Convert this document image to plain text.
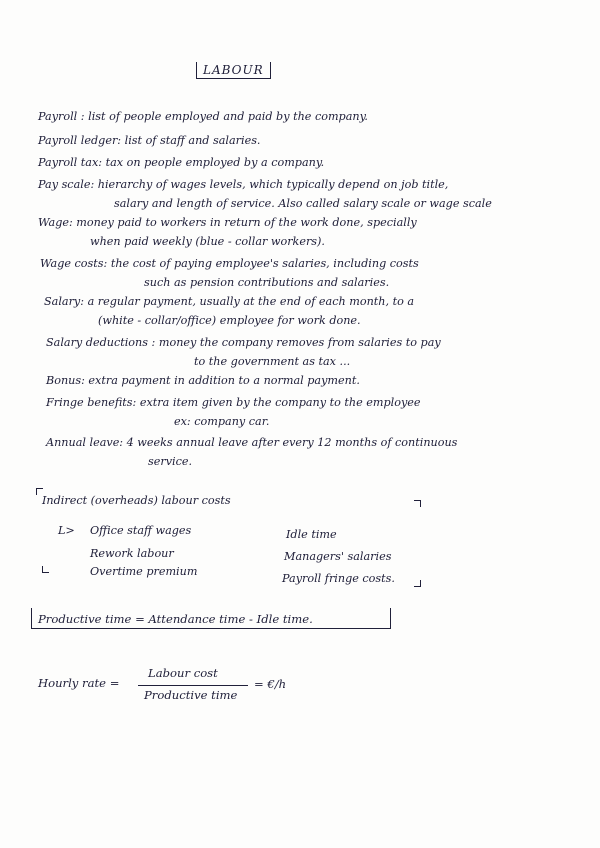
LABOUR
Payroll : list of people employed and paid by the company.
Payroll ledger: list of staff and salaries.
Payroll tax: tax on people employed by a company.
Pay scale: hierarchy of wages levels, which typically depend on job title,
salary and length of service. Also called salary scale or wage scale
Wage: money paid to workers in return of the work done, specially
when paid weekly (blue - collar workers).
Wage costs: the cost of paying employee's salaries, including costs
such as pension contributions and salaries.
Salary: a regular payment, usually at the end of each month, to a
(white - collar/office) employee for work done.
Salary deductions : money the company removes from salaries to pay
to the government as tax ...
Bonus: extra payment in addition to a normal payment.
Fringe benefits: extra item given by the company to the employee
ex: company car.
Annual leave: 4 weeks annual leave after every 12 months of continuous
service.
Indirect (overheads) labour costs
L> Office staff wages
Rework labour
Overtime premium
Idle time
Managers' salaries
Payroll fringe costs.
Productive time = Attendance time - Idle time.
Hourly rate =
Labour cost
Productive time
= €/h
